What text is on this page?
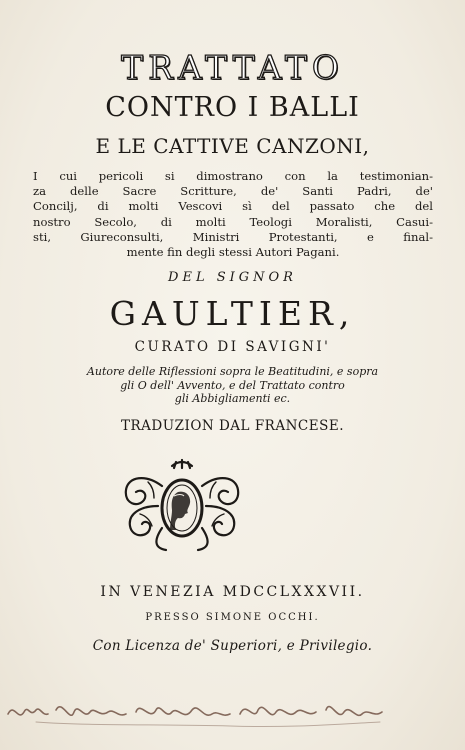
TRATTATO
CONTRO I BALLI
E LE CATTIVE CANZONI,
I cui pericoli si dimostrano con la testimonian-
za delle Sacre Scritture, de' Santi Padri, de'
Concilj, di molti Vescovi sì del passato che del
nostro Secolo, di molti Teologi Moralisti, Casui-
sti, Giureconsulti, Ministri Protestanti, e final-
mente fin degli stessi Autori Pagani.
DEL SIGNOR
GAULTIER,
CURATO DI SAVIGNI'
Autore delle Riflessioni sopra le Beatitudini, e sopra
gli O dell' Avvento, e del Trattato contro
gli Abbigliamenti ec.
TRADUZION DAL FRANCESE.
IN VENEZIA MDCCLXXXVII.
PRESSO SIMONE OCCHI.
Con Licenza de' Superiori, e Privilegio.
